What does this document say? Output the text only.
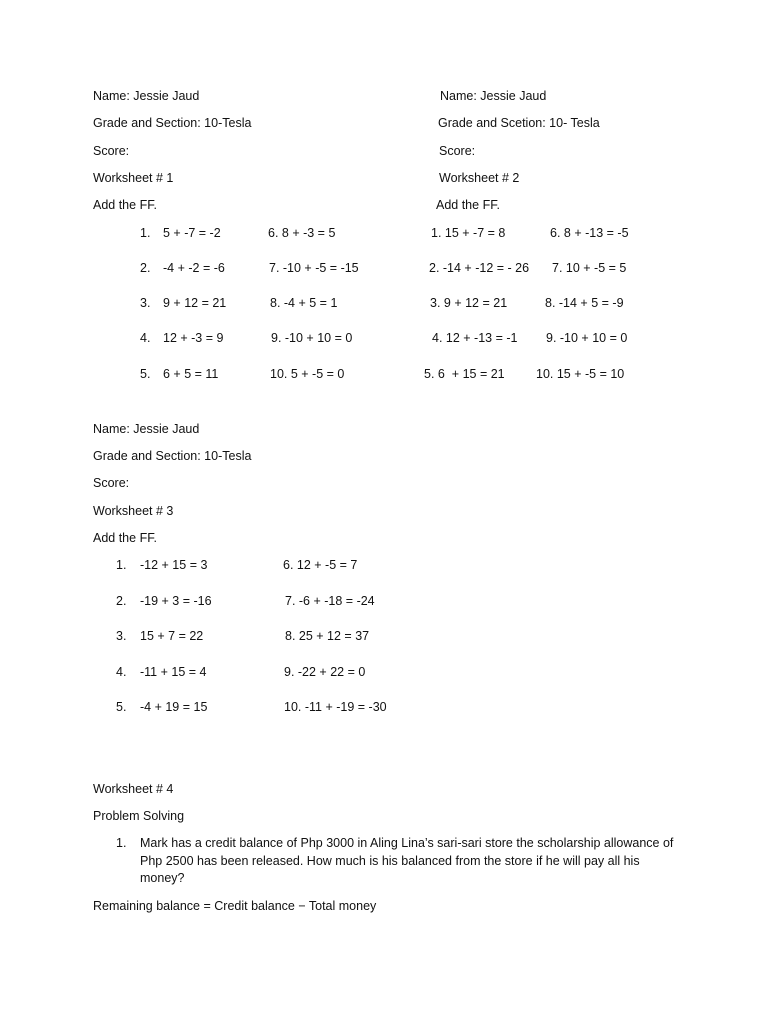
Name: Jessie Jaud
Grade and Section: 10-Tesla
Score:
Worksheet # 1
Add the FF.
1. 5 + -7 = -2
2. -4 + -2 = -6
3. 9 + 12 = 21
4. 12 + -3 = 9
5. 6 + 5 = 11
6. 8 + -3 = 5
7. -10 + -5 = -15
8. -4 + 5 = 1
9. -10 + 10 = 0
10. 5 + -5 = 0
Name: Jessie Jaud
Grade and Scetion: 10- Tesla
Score:
Worksheet # 2
Add the FF.
1. 15 + -7 = 8
2. -14 + -12 = - 26
3. 9 + 12 = 21
4. 12 + -13 = -1
5. 6  + 15 = 21
6. 8 + -13 = -5
7. 10 + -5 = 5
8. -14 + 5 = -9
9. -10 + 10 = 0
10. 15 + -5 = 10
Name: Jessie Jaud
Grade and Section: 10-Tesla
Score:
Worksheet # 3
Add the FF.
1. -12 + 15 = 3
2. -19 + 3 = -16
3. 15 + 7 = 22
4. -11 + 15 = 4
5. -4 + 19 = 15
6. 12 + -5 = 7
7. -6 + -18 = -24
8. 25 + 12 = 37
9. -22 + 22 = 0
10. -11 + -19 = -30
Worksheet # 4
Problem Solving
1. Mark has a credit balance of Php 3000 in Aling Lina’s sari-sari store the scholarship allowance of Php 2500 has been released. How much is his balanced from the store if he will pay all his money?
Remaining balance = Credit balance − Total money
